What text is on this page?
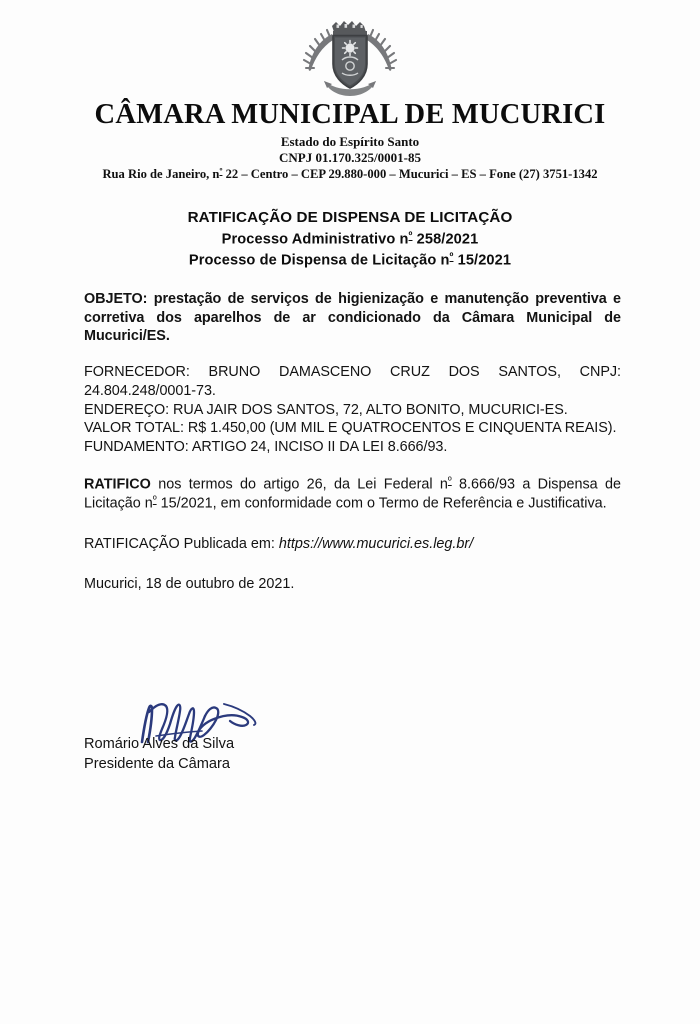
CÂMARA MUNICIPAL DE MUCURICI
Estado do Espírito Santo
CNPJ 01.170.325/0001-85
Rua Rio de Janeiro, $n^º$ 22 – Centro – CEP 29.880-000 – Mucurici – ES – Fone (27) 3751-1342
RATIFICAÇÃO DE DISPENSA DE LICITAÇÃO
Processo Administrativo $n^º$ 258/2021
Processo de Dispensa de Licitação $n^º$ 15/2021

OBJETO: prestação de serviços de higienização e manutenção preventiva e corretiva dos aparelhos de ar condicionado da Câmara Municipal de Mucurici/ES.

FORNECEDOR: BRUNO DAMASCENO CRUZ DOS SANTOS, CNPJ: 24.804.248/0001-73.
ENDEREÇO: RUA JAIR DOS SANTOS, 72, ALTO BONITO, MUCURICI-ES.
VALOR TOTAL: R$ 1.450,00 (UM MIL E QUATROCENTOS E CINQUENTA REAIS).
FUNDAMENTO: ARTIGO 24, INCISO II DA LEI 8.666/93.

RATIFICO nos termos do artigo 26, da Lei Federal $n^º$ 8.666/93 a Dispensa de Licitação $n^º$ 15/2021, em conformidade com o Termo de Referência e Justificativa.

RATIFICAÇÃO Publicada em: https://www.mucurici.es.leg.br/

Mucurici, 18 de outubro de 2021.

Romário Alves da Silva

Presidente da Câmara
